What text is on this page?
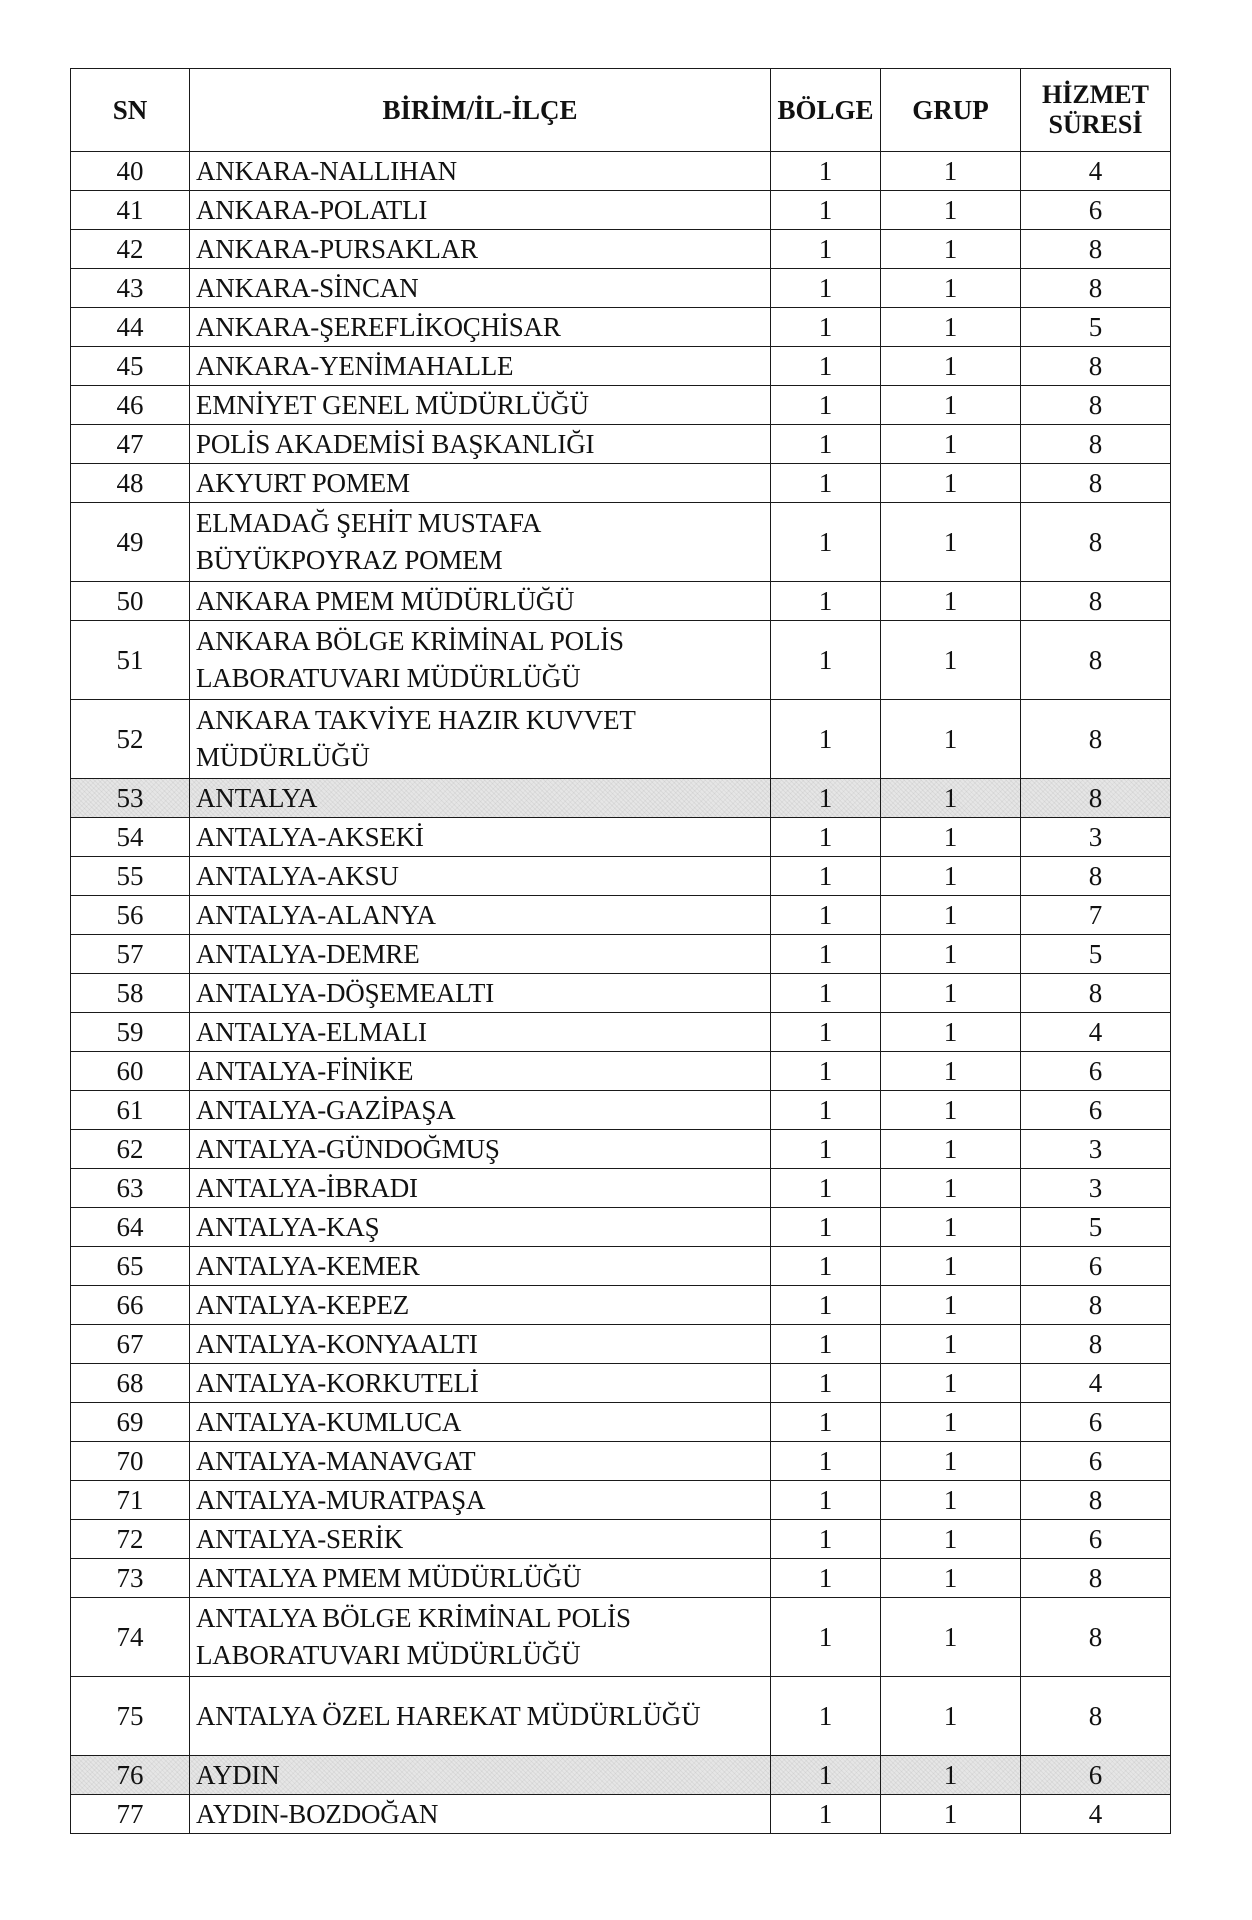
SN	BİRİM/İL-İLÇE	BÖLGE	GRUP	HİZMET
SÜRESİ
40	ANKARA-NALLIHAN	1	1	4
41	ANKARA-POLATLI	1	1	6
42	ANKARA-PURSAKLAR	1	1	8
43	ANKARA-SİNCAN	1	1	8
44	ANKARA-ŞEREFLİKOÇHİSAR	1	1	5
45	ANKARA-YENİMAHALLE	1	1	8
46	EMNİYET GENEL MÜDÜRLÜĞÜ	1	1	8
47	POLİS AKADEMİSİ BAŞKANLIĞI	1	1	8
48	AKYURT POMEM	1	1	8
49	ELMADAĞ ŞEHİT MUSTAFA
BÜYÜKPOYRAZ POMEM	1	1	8
50	ANKARA PMEM MÜDÜRLÜĞÜ	1	1	8
51	ANKARA BÖLGE KRİMİNAL POLİS
LABORATUVARI MÜDÜRLÜĞÜ	1	1	8
52	ANKARA TAKVİYE HAZIR KUVVET
MÜDÜRLÜĞÜ	1	1	8
53	ANTALYA	1	1	8
54	ANTALYA-AKSEKİ	1	1	3
55	ANTALYA-AKSU	1	1	8
56	ANTALYA-ALANYA	1	1	7
57	ANTALYA-DEMRE	1	1	5
58	ANTALYA-DÖŞEMEALTI	1	1	8
59	ANTALYA-ELMALI	1	1	4
60	ANTALYA-FİNİKE	1	1	6
61	ANTALYA-GAZİPAŞA	1	1	6
62	ANTALYA-GÜNDOĞMUŞ	1	1	3
63	ANTALYA-İBRADI	1	1	3
64	ANTALYA-KAŞ	1	1	5
65	ANTALYA-KEMER	1	1	6
66	ANTALYA-KEPEZ	1	1	8
67	ANTALYA-KONYAALTI	1	1	8
68	ANTALYA-KORKUTELİ	1	1	4
69	ANTALYA-KUMLUCA	1	1	6
70	ANTALYA-MANAVGAT	1	1	6
71	ANTALYA-MURATPAŞA	1	1	8
72	ANTALYA-SERİK	1	1	6
73	ANTALYA PMEM MÜDÜRLÜĞÜ	1	1	8
74	ANTALYA BÖLGE KRİMİNAL POLİS
LABORATUVARI MÜDÜRLÜĞÜ	1	1	8
75	ANTALYA ÖZEL HAREKAT MÜDÜRLÜĞÜ	1	1	8
76	AYDIN	1	1	6
77	AYDIN-BOZDOĞAN	1	1	4
